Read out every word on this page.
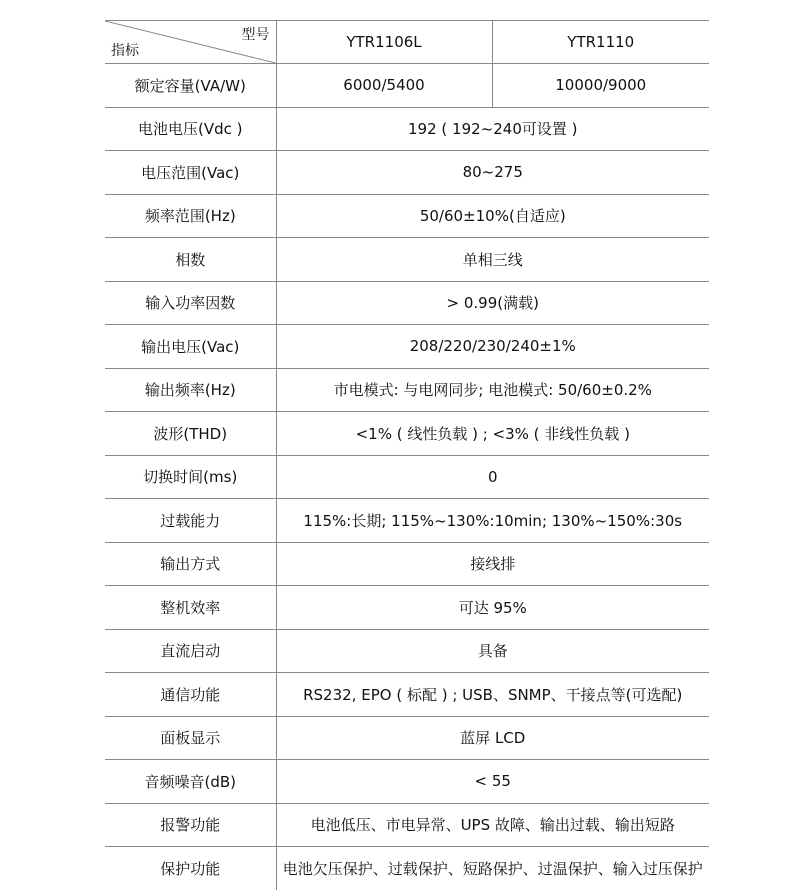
型号
指标	YTR1106L	YTR1110
额定容量(VA/W)	6000/5400	10000/9000
电池电压(Vdc )	192 ( 192~240可设置 )	
电压范围(Vac)	80~275	
频率范围(Hz)	50/60±10%(自适应)	
相数	单相三线	
输入功率因数	> 0.99(满载)	
输出电压(Vac)	208/220/230/240±1%	
输出频率(Hz)	市电模式: 与电网同步; 电池模式: 50/60±0.2%	
波形(THD)	<1% ( 线性负载 ) ; <3% ( 非线性负载 )	
切换时间(ms)	0	
过载能力	115%:长期; 115%~130%:10min; 130%~150%:30s	
输出方式	接线排	
整机效率	可达 95%	
直流启动	具备	
通信功能	RS232, EPO ( 标配 ) ; USB、SNMP、干接点等(可选配)	
面板显示	蓝屏 LCD	
音频噪音(dB)	< 55	
报警功能	电池低压、市电异常、UPS 故障、输出过载、输出短路	
保护功能	电池欠压保护、过载保护、短路保护、过温保护、输入过压保护	
